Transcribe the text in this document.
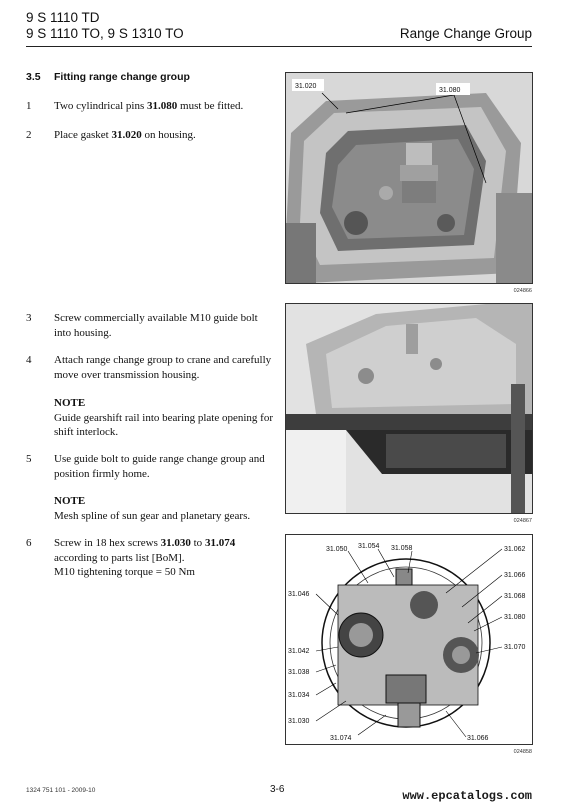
9 S 1110 TD
9 S 1110 TO, 9 S 1310 TO	Range Change Group
3.5 Fitting range change group
1 Two cylindrical pins 31.080 must be fitted.
2 Place gasket 31.020 on housing.
3 Screw commercially available M10 guide bolt into housing.
4 Attach range change group to crane and carefully move over transmission housing.
NOTE
Guide gearshift rail into bearing plate opening for shift interlock.
5 Use guide bolt to guide range change group and position firmly home.
NOTE
Mesh spline of sun gear and planetary gears.
6 Screw in 18 hex screws 31.030 to 31.074 according to parts list [BoM].
M10 tightening torque = 50 Nm
31.020
31.080
024866
024867
31.050 31.054 31.058	31.062
31.066
31.068
31.080
31.070
31.046
31.042
31.038
31.034
31.030
31.074	31.066
024858
1324 751 101 - 2009-10	3-6	www.epcatalogs.com
